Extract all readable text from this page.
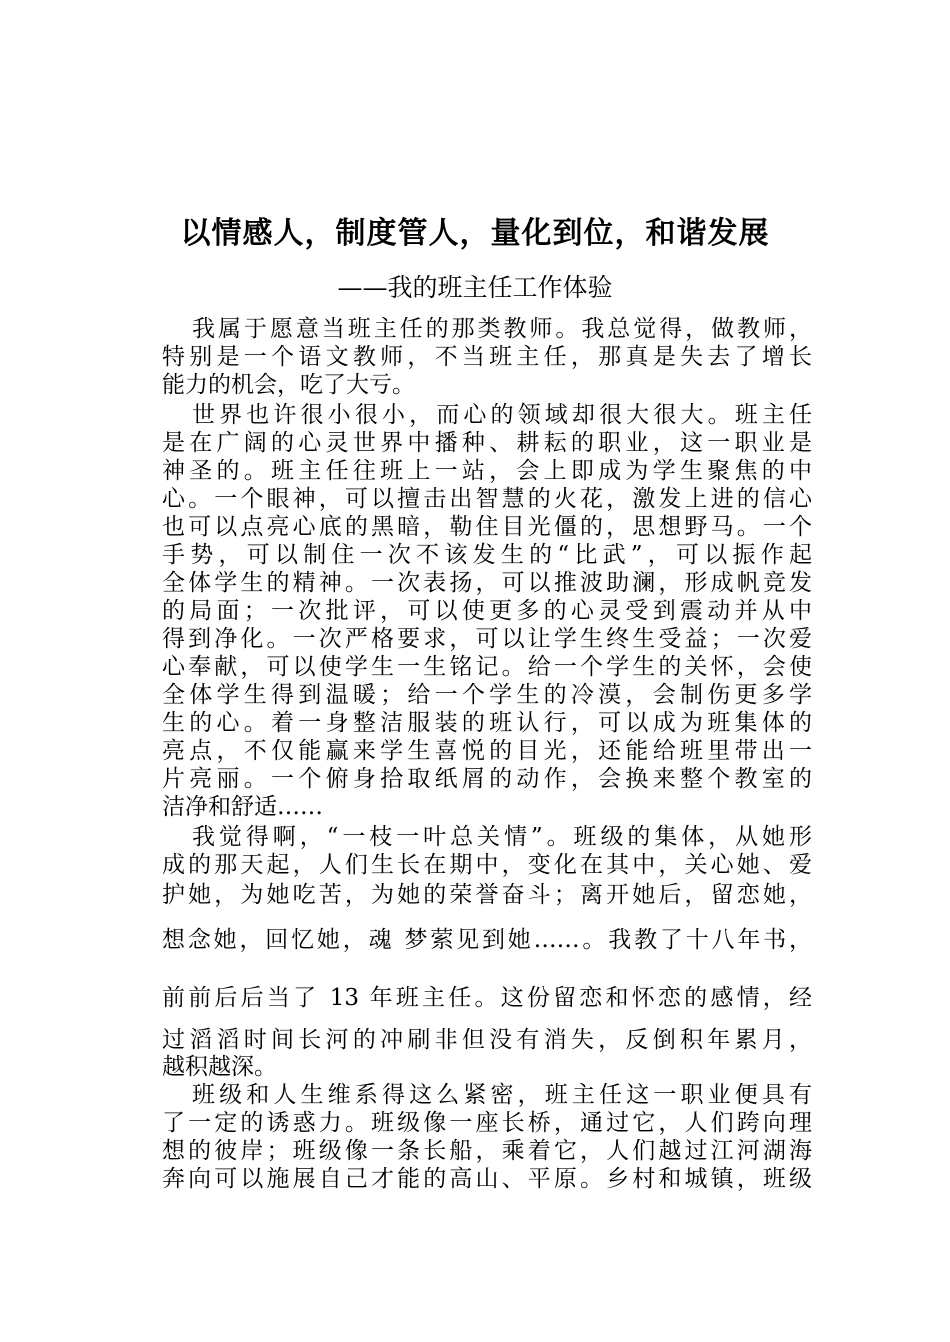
以情感人，制度管人，量化到位，和谐发展
——我的班主任工作体验
我属于愿意当班主任的那类教师。我总觉得，做教师，
特别是一个语文教师，不当班主任，那真是失去了增长
能力的机会，吃了大亏。
世界也许很小很小，而心的领域却很大很大。班主任
是在广阔的心灵世界中播种、耕耘的职业，这一职业是
神圣的。班主任往班上一站，会上即成为学生聚焦的中
心。一个眼神，可以擅击出智慧的火花，激发上进的信心
也可以点亮心底的黑暗，勒住目光僵的，思想野马。一个
手势，可以制住一次不该发生的“比武”，可以振作起
全体学生的精神。一次表扬，可以推波助澜，形成帆竞发
的局面；一次批评，可以使更多的心灵受到震动并从中
得到净化。一次严格要求，可以让学生终生受益；一次爱
心奉献，可以使学生一生铭记。给一个学生的关怀，会使
全体学生得到温暖；给一个学生的冷漠，会制伤更多学
生的心。着一身整洁服装的班认行，可以成为班集体的
亮点，不仅能赢来学生喜悦的目光，还能给班里带出一
片亮丽。一个俯身拾取纸屑的动作，会换来整个教室的
洁净和舒适……
我觉得啊，“一枝一叶总关情”。班级的集体，从她形
成的那天起，人们生长在期中，变化在其中，关心她、爱
护她，为她吃苦，为她的荣誉奋斗；离开她后，留恋她，
想念她，回忆她，魂 梦萦见到她……。我教了十八年书，
前前后后当了 13 年班主任。这份留恋和怀恋的感情，经
过滔滔时间长河的冲刷非但没有消失，反倒积年累月，
越积越深。
班级和人生维系得这么紧密，班主任这一职业便具有
了一定的诱惑力。班级像一座长桥，通过它，人们跨向理
想的彼岸；班级像一条长船，乘着它，人们越过江河湖海
奔向可以施展自己才能的高山、平原。乡村和城镇，班级
